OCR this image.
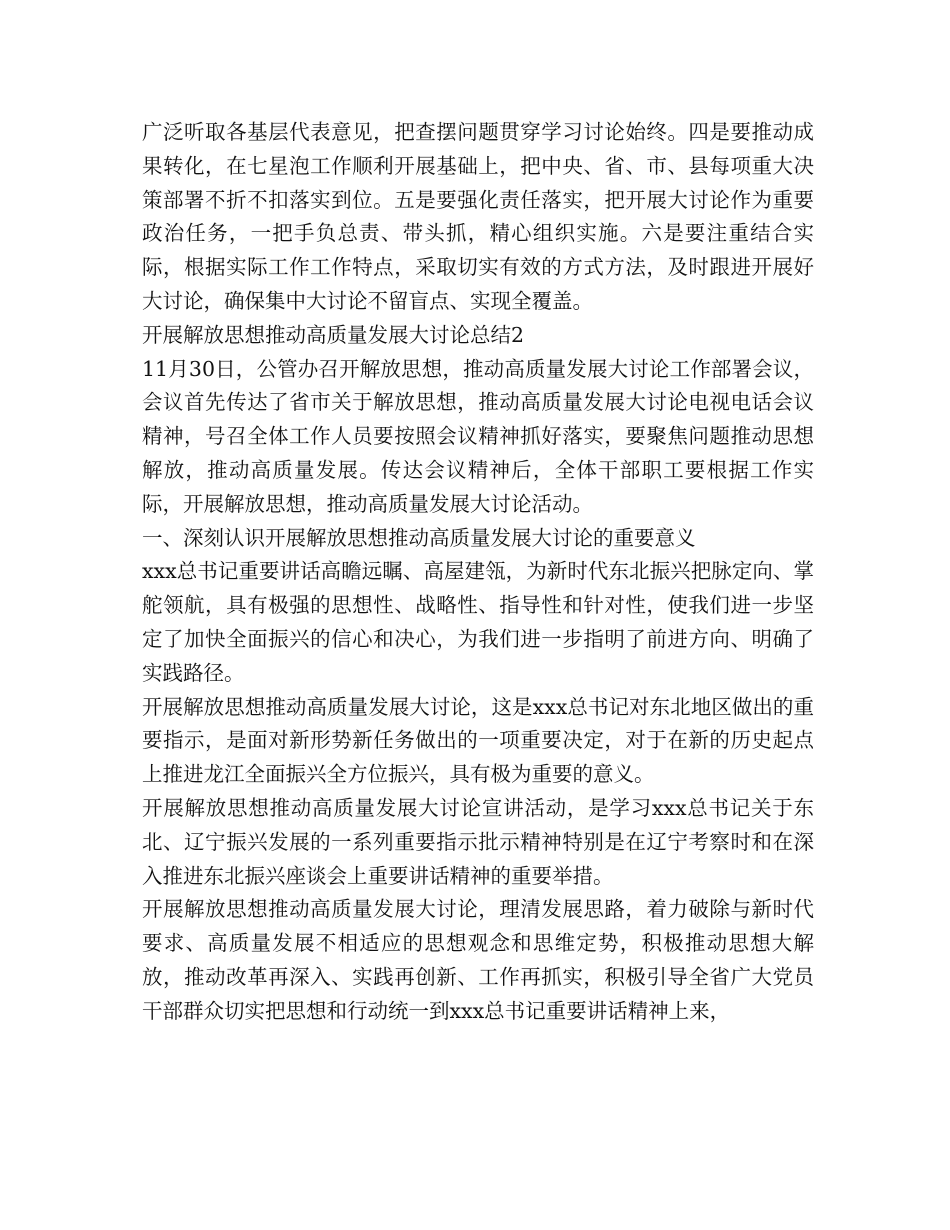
广泛听取各基层代表意见，把查摆问题贯穿学习讨论始终。四是要推动成果转化，在七星泡工作顺利开展基础上，把中央、省、市、县每项重大决策部署不折不扣落实到位。五是要强化责任落实，把开展大讨论作为重要政治任务，一把手负总责、带头抓，精心组织实施。六是要注重结合实际，根据实际工作工作特点，采取切实有效的方式方法，及时跟进开展好大讨论，确保集中大讨论不留盲点、实现全覆盖。

开展解放思想推动高质量发展大讨论总结2

11月30日，公管办召开解放思想，推动高质量发展大讨论工作部署会议，会议首先传达了省市关于解放思想，推动高质量发展大讨论电视电话会议精神，号召全体工作人员要按照会议精神抓好落实，要聚焦问题推动思想解放，推动高质量发展。传达会议精神后，全体干部职工要根据工作实际，开展解放思想，推动高质量发展大讨论活动。

一、深刻认识开展解放思想推动高质量发展大讨论的重要意义

xxx总书记重要讲话高瞻远瞩、高屋建瓴，为新时代东北振兴把脉定向、掌舵领航，具有极强的思想性、战略性、指导性和针对性，使我们进一步坚定了加快全面振兴的信心和决心，为我们进一步指明了前进方向、明确了实践路径。

开展解放思想推动高质量发展大讨论，这是xxx总书记对东北地区做出的重要指示，是面对新形势新任务做出的一项重要决定，对于在新的历史起点上推进龙江全面振兴全方位振兴，具有极为重要的意义。

开展解放思想推动高质量发展大讨论宣讲活动，是学习xxx总书记关于东北、辽宁振兴发展的一系列重要指示批示精神特别是在辽宁考察时和在深入推进东北振兴座谈会上重要讲话精神的重要举措。

开展解放思想推动高质量发展大讨论，理清发展思路，着力破除与新时代要求、高质量发展不相适应的思想观念和思维定势，积极推动思想大解放，推动改革再深入、实践再创新、工作再抓实，积极引导全省广大党员干部群众切实把思想和行动统一到xxx总书记重要讲话精神上来，
